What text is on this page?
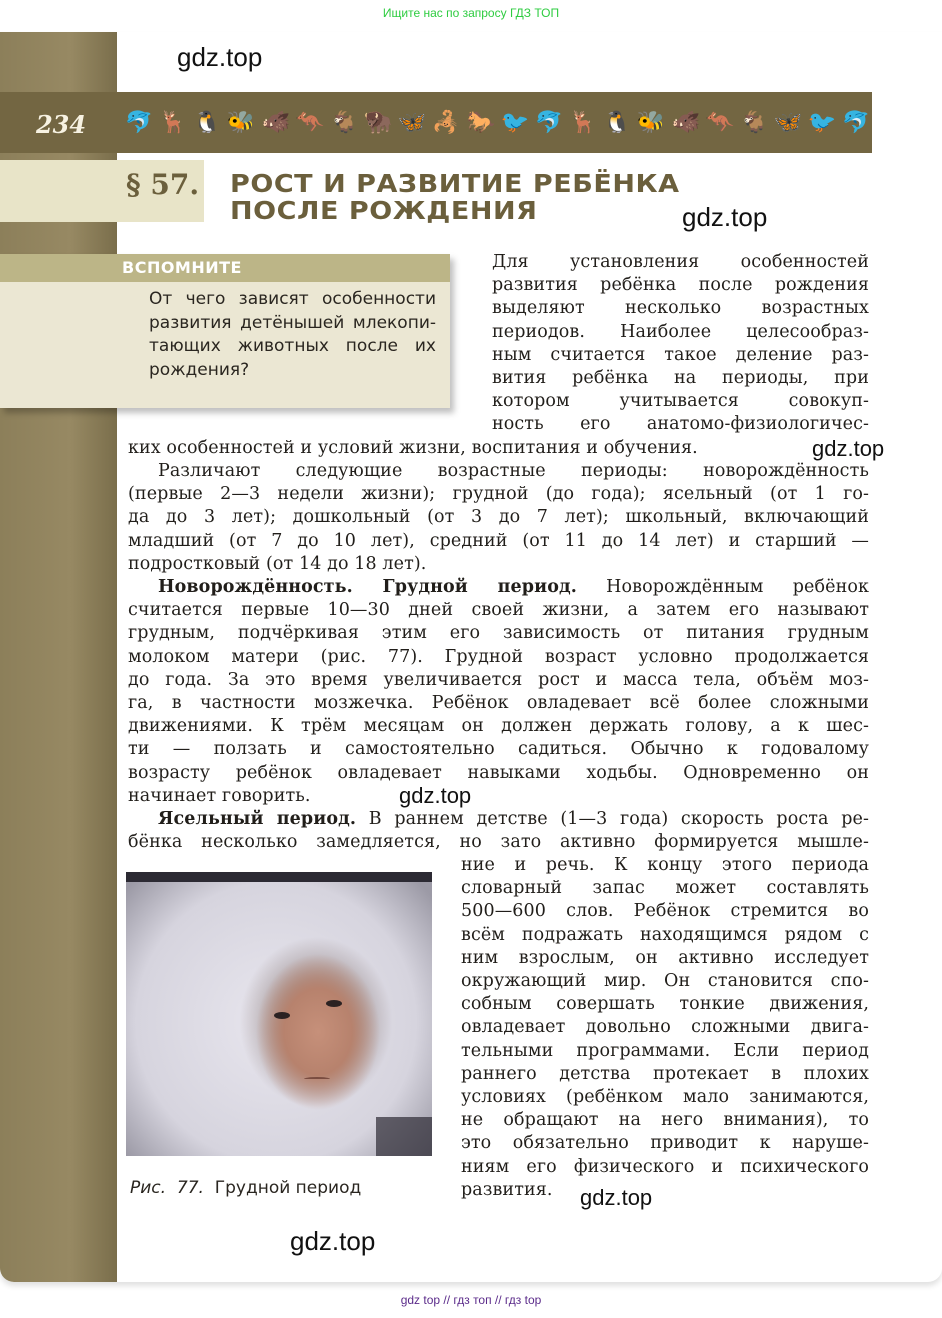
Ищите нас по запросу ГДЗ ТОП
gdz.top
234	🐬 🦌 🐧 🐝 🐗 🦘 🐐 🦬 🦋 🦂 🐎 🐦 🐬 🦌 🐧 🐝 🐗 🦘 🐐 🦋 🐦 🐬
§ 57. РОСТ И РАЗВИТИЕ РЕБЁНКА
ПОСЛЕ РОЖДЕНИЯ	gdz.top
ВСПОМНИТЕ
От чего зависят особенности
развития детёнышей млекопи-
тающих животных после их
рождения?
Для установления особенностей
развития ребёнка после рождения
выделяют несколько возрастных
периодов. Наиболее целесообраз-
ным считается такое деление раз-
вития ребёнка на периоды, при
котором учитывается совокуп-
ность его анатомо-физиологичес-
ких особенностей и условий жизни, воспитания и обучения.	gdz.top
Различают следующие возрастные периоды: новорождённость
(первые 2—3 недели жизни); грудной (до года); ясельный (от 1 го-
да до 3 лет); дошкольный (от 3 до 7 лет); школьный, включающий
младший (от 7 до 10 лет), средний (от 11 до 14 лет) и старший —
подростковый (от 14 до 18 лет).
Новорождённость. Грудной период. Новорождённым ребёнок
считается первые 10—30 дней своей жизни, а затем его называют
грудным, подчёркивая этим его зависимость от питания грудным
молоком матери (рис. 77). Грудной возраст условно продолжается
до года. За это время увеличивается рост и масса тела, объём моз-
га, в частности мозжечка. Ребёнок овладевает всё более сложными
движениями. К трём месяцам он должен держать голову, а к шес-
ти — ползать и самостоятельно садиться. Обычно к годовалому
возрасту ребёнок овладевает навыками ходьбы. Одновременно он
начинает говорить.	gdz.top
Ясельный период. В раннем детстве (1—3 года) скорость роста ре-
бёнка несколько замедляется, но зато активно формируется мышле-
ние и речь. К концу этого периода
словарный запас может составлять
500—600 слов. Ребёнок стремится во
всём подражать находящимся рядом с
ним взрослым, он активно исследует
окружающий мир. Он становится спо-
собным совершать тонкие движения,
овладевает довольно сложными двига-
тельными программами. Если период
раннего детства протекает в плохих
условиях (ребёнком мало занимаются,
не обращают на него внимания), то
это обязательно приводит к наруше-
ниям его физического и психического
развития.	gdz.top
Рис. 77. Грудной период
gdz.top
gdz top // гдз топ // гдз top
